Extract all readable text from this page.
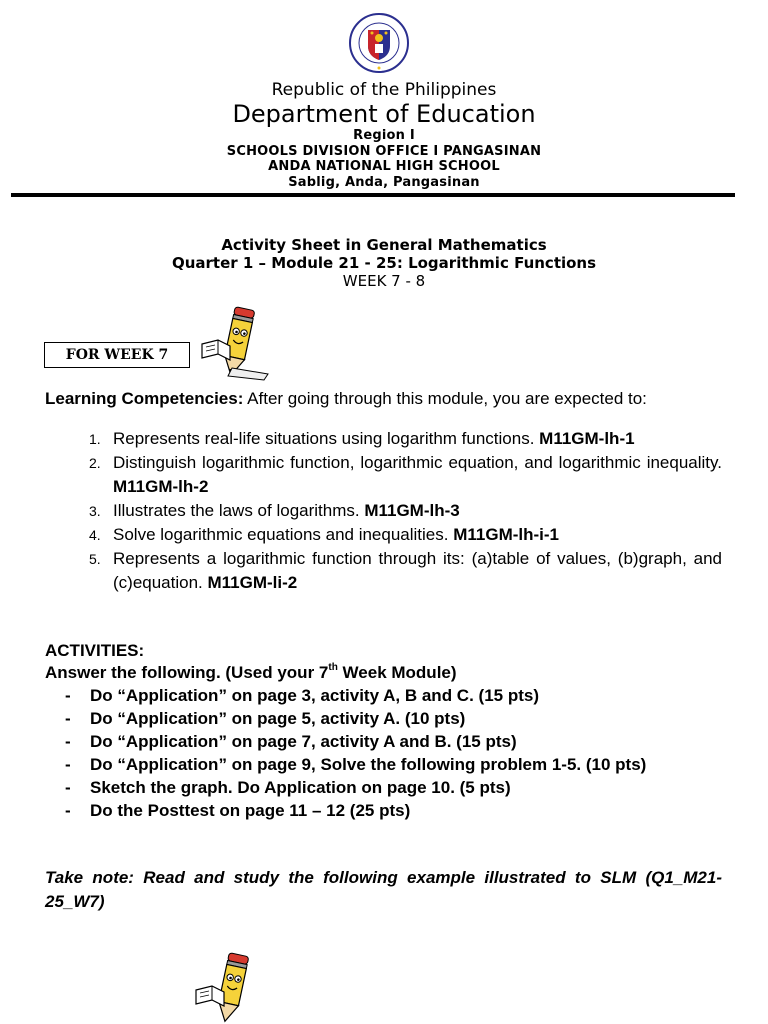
Republic of the Philippines
Department of Education
Region I
SCHOOLS DIVISION OFFICE I PANGASINAN
ANDA NATIONAL HIGH SCHOOL
Sablig, Anda, Pangasinan
Activity Sheet in General Mathematics
Quarter 1 – Module 21 - 25: Logarithmic Functions
WEEK 7 - 8
FOR WEEK 7
Learning Competencies: After going through this module, you are expected to:
1. Represents real-life situations using logarithm functions. M11GM-lh-1
2. Distinguish logarithmic function, logarithmic equation, and logarithmic inequality. M11GM-lh-2
3. Illustrates the laws of logarithms. M11GM-lh-3
4. Solve logarithmic equations and inequalities. M11GM-lh-i-1
5. Represents a logarithmic function through its: (a)table of values, (b)graph, and (c)equation. M11GM-li-2
ACTIVITIES:
Answer the following. (Used your 7th Week Module)
- Do “Application” on page 3, activity A, B and C. (15 pts)
- Do “Application” on page 5, activity A. (10 pts)
- Do “Application” on page 7, activity A and B. (15 pts)
- Do “Application” on page 9, Solve the following problem 1-5. (10 pts)
- Sketch the graph. Do Application on page 10. (5 pts)
- Do the Posttest on page 11 – 12 (25 pts)
Take note: Read and study the following example illustrated to SLM (Q1_M21-25_W7)
